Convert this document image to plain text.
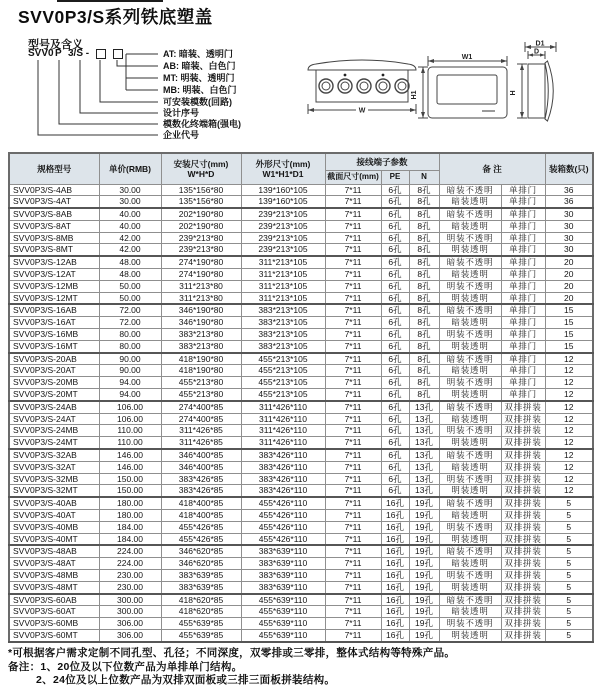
SVV0P3/S系列铁底塑盖
型号及含义
SVV0 P 3/S -	AT: 暗装、透明门
AB: 暗装、白色门
MT: 明装、透明门
MB: 明装、白色门
可安装模数(回路)
设计序号
模数化终端箱(强电)
企业代号
W
W1
H1
D1
D
H
规格型号	单价(RMB)	
安装尺寸(mm)
W*H*D

外形尺寸(mm)
W1*H1*D1
	接线端子参数	备 注	装箱数(只)
				截面尺寸(mm)	PE	N			
SVV0P3/S-4AB	30.00	135*156*80	139*160*105	7*11	6孔	8孔	暗装不透明	单排门	36
SVV0P3/S-4AT	30.00	135*156*80	139*160*105	7*11	6孔	8孔	暗装透明	单排门	36
SVV0P3/S-8AB	40.00	202*190*80	239*213*105	7*11	6孔	8孔	暗装不透明	单排门	30
SVV0P3/S-8AT	40.00	202*190*80	239*213*105	7*11	6孔	8孔	暗装透明	单排门	30
SVV0P3/S-8MB	42.00	239*213*80	239*213*105	7*11	6孔	8孔	明装不透明	单排门	30
SVV0P3/S-8MT	42.00	239*213*80	239*213*105	7*11	6孔	8孔	明装透明	单排门	30
SVV0P3/S-12AB	48.00	274*190*80	311*213*105	7*11	6孔	8孔	暗装不透明	单排门	20
SVV0P3/S-12AT	48.00	274*190*80	311*213*105	7*11	6孔	8孔	暗装透明	单排门	20
SVV0P3/S-12MB	50.00	311*213*80	311*213*105	7*11	6孔	8孔	明装不透明	单排门	20
SVV0P3/S-12MT	50.00	311*213*80	311*213*105	7*11	6孔	8孔	明装透明	单排门	20
SVV0P3/S-16AB	72.00	346*190*80	383*213*105	7*11	6孔	8孔	暗装不透明	单排门	15
SVV0P3/S-16AT	72.00	346*190*80	383*213*105	7*11	6孔	8孔	暗装透明	单排门	15
SVV0P3/S-16MB	80.00	383*213*80	383*213*105	7*11	6孔	8孔	明装不透明	单排门	15
SVV0P3/S-16MT	80.00	383*213*80	383*213*105	7*11	6孔	8孔	明装透明	单排门	15
SVV0P3/S-20AB	90.00	418*190*80	455*213*105	7*11	6孔	8孔	暗装不透明	单排门	12
SVV0P3/S-20AT	90.00	418*190*80	455*213*105	7*11	6孔	8孔	暗装透明	单排门	12
SVV0P3/S-20MB	94.00	455*213*80	455*213*105	7*11	6孔	8孔	明装不透明	单排门	12
SVV0P3/S-20MT	94.00	455*213*80	455*213*105	7*11	6孔	8孔	明装透明	单排门	12
SVV0P3/S-24AB	106.00	274*400*85	311*426*110	7*11	6孔	13孔	暗装不透明	双排拼装	12
SVV0P3/S-24AT	106.00	274*400*85	311*426*110	7*11	6孔	13孔	暗装透明	双排拼装	12
SVV0P3/S-24MB	110.00	311*426*85	311*426*110	7*11	6孔	13孔	明装不透明	双排拼装	12
SVV0P3/S-24MT	110.00	311*426*85	311*426*110	7*11	6孔	13孔	明装透明	双排拼装	12
SVV0P3/S-32AB	146.00	346*400*85	383*426*110	7*11	6孔	13孔	暗装不透明	双排拼装	12
SVV0P3/S-32AT	146.00	346*400*85	383*426*110	7*11	6孔	13孔	暗装透明	双排拼装	12
SVV0P3/S-32MB	150.00	383*426*85	383*426*110	7*11	6孔	13孔	明装不透明	双排拼装	12
SVV0P3/S-32MT	150.00	383*426*85	383*426*110	7*11	6孔	13孔	明装透明	双排拼装	12
SVV0P3/S-40AB	180.00	418*400*85	455*426*110	7*11	16孔	19孔	暗装不透明	双排拼装	5
SVV0P3/S-40AT	180.00	418*400*85	455*426*110	7*11	16孔	19孔	暗装透明	双排拼装	5
SVV0P3/S-40MB	184.00	455*426*85	455*426*110	7*11	16孔	19孔	明装不透明	双排拼装	5
SVV0P3/S-40MT	184.00	455*426*85	455*426*110	7*11	16孔	19孔	明装透明	双排拼装	5
SVV0P3/S-48AB	224.00	346*620*85	383*639*110	7*11	16孔	19孔	暗装不透明	双排拼装	5
SVV0P3/S-48AT	224.00	346*620*85	383*639*110	7*11	16孔	19孔	暗装透明	双排拼装	5
SVV0P3/S-48MB	230.00	383*639*85	383*639*110	7*11	16孔	19孔	明装不透明	双排拼装	5
SVV0P3/S-48MT	230.00	383*639*85	383*639*110	7*11	16孔	19孔	明装透明	双排拼装	5
SVV0P3/S-60AB	300.00	418*620*85	455*639*110	7*11	16孔	19孔	暗装不透明	双排拼装	5
SVV0P3/S-60AT	300.00	418*620*85	455*639*110	7*11	16孔	19孔	暗装透明	双排拼装	5
SVV0P3/S-60MB	306.00	455*639*85	455*639*110	7*11	16孔	19孔	明装不透明	双排拼装	5
SVV0P3/S-60MT	306.00	455*639*85	455*639*110	7*11	16孔	19孔	明装透明	双排拼装	5
*可根据客户需求定制不同孔型、孔径；不同深度，双零排或三零排，整体式结构等特殊产品。
备注：1、20位及以下位数产品为单排单门结构。
2、24位及以上位数产品为双排双面板或三排三面板拼装结构。
